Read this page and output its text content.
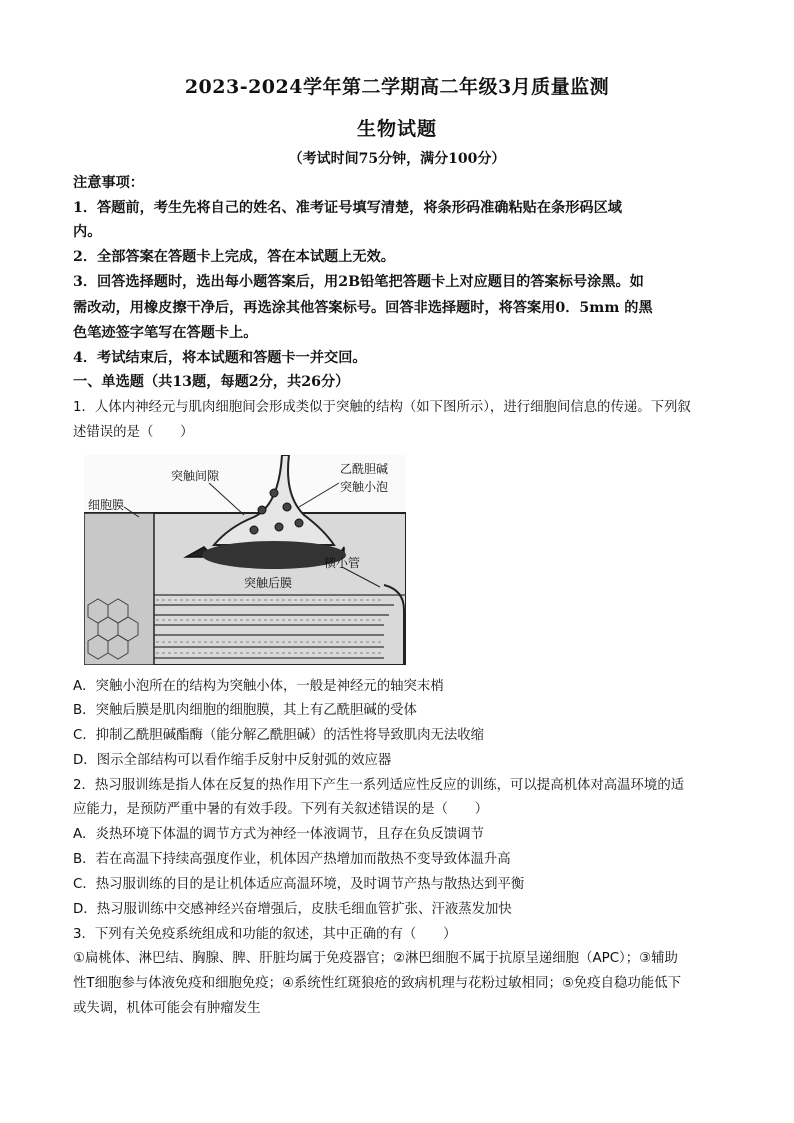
2023-2024学年第二学期高二年级3月质量监测
生物试题
（考试时间75分钟，满分100分）
注意事项：
1．答题前，考生先将自己的姓名、准考证号填写清楚，将条形码准确粘贴在条形码区域
内。
2．全部答案在答题卡上完成，答在本试题上无效。
3．回答选择题时，选出每小题答案后，用2B铅笔把答题卡上对应题目的答案标号涂黑。如
需改动，用橡皮擦干净后，再选涂其他答案标号。回答非选择题时，将答案用0．5mm 的黑
色笔迹签字笔写在答题卡上。
4．考试结束后，将本试题和答题卡一并交回。
一、单选题（共13题，每题2分，共26分）
1．人体内神经元与肌肉细胞间会形成类似于突触的结构（如下图所示），进行细胞间信息的传递。下列叙
述错误的是（　　）
突触间隙
细胞膜
乙酰胆碱
突触小泡
横小管
突触后膜
A．突触小泡所在的结构为突触小体，一般是神经元的轴突末梢
B．突触后膜是肌肉细胞的细胞膜，其上有乙酰胆碱的受体
C．抑制乙酰胆碱酯酶（能分解乙酰胆碱）的活性将导致肌肉无法收缩
D．图示全部结构可以看作缩手反射中反射弧的效应器
2．热习服训练是指人体在反复的热作用下产生一系列适应性反应的训练，可以提高机体对高温环境的适
应能力，是预防严重中暑的有效手段。下列有关叙述错误的是（　　）
A．炎热环境下体温的调节方式为神经一体液调节，且存在负反馈调节
B．若在高温下持续高强度作业，机体因产热增加而散热不变导致体温升高
C．热习服训练的目的是让机体适应高温环境，及时调节产热与散热达到平衡
D．热习服训练中交感神经兴奋增强后，皮肤毛细血管扩张、汗液蒸发加快
3．下列有关免疫系统组成和功能的叙述，其中正确的有（　　）
①扁桃体、淋巴结、胸腺、脾、肝脏均属于免疫器官；②淋巴细胞不属于抗原呈递细胞（APC）；③辅助
性T细胞参与体液免疫和细胞免疫；④系统性红斑狼疮的致病机理与花粉过敏相同；⑤免疫自稳功能低下
或失调，机体可能会有肿瘤发生
